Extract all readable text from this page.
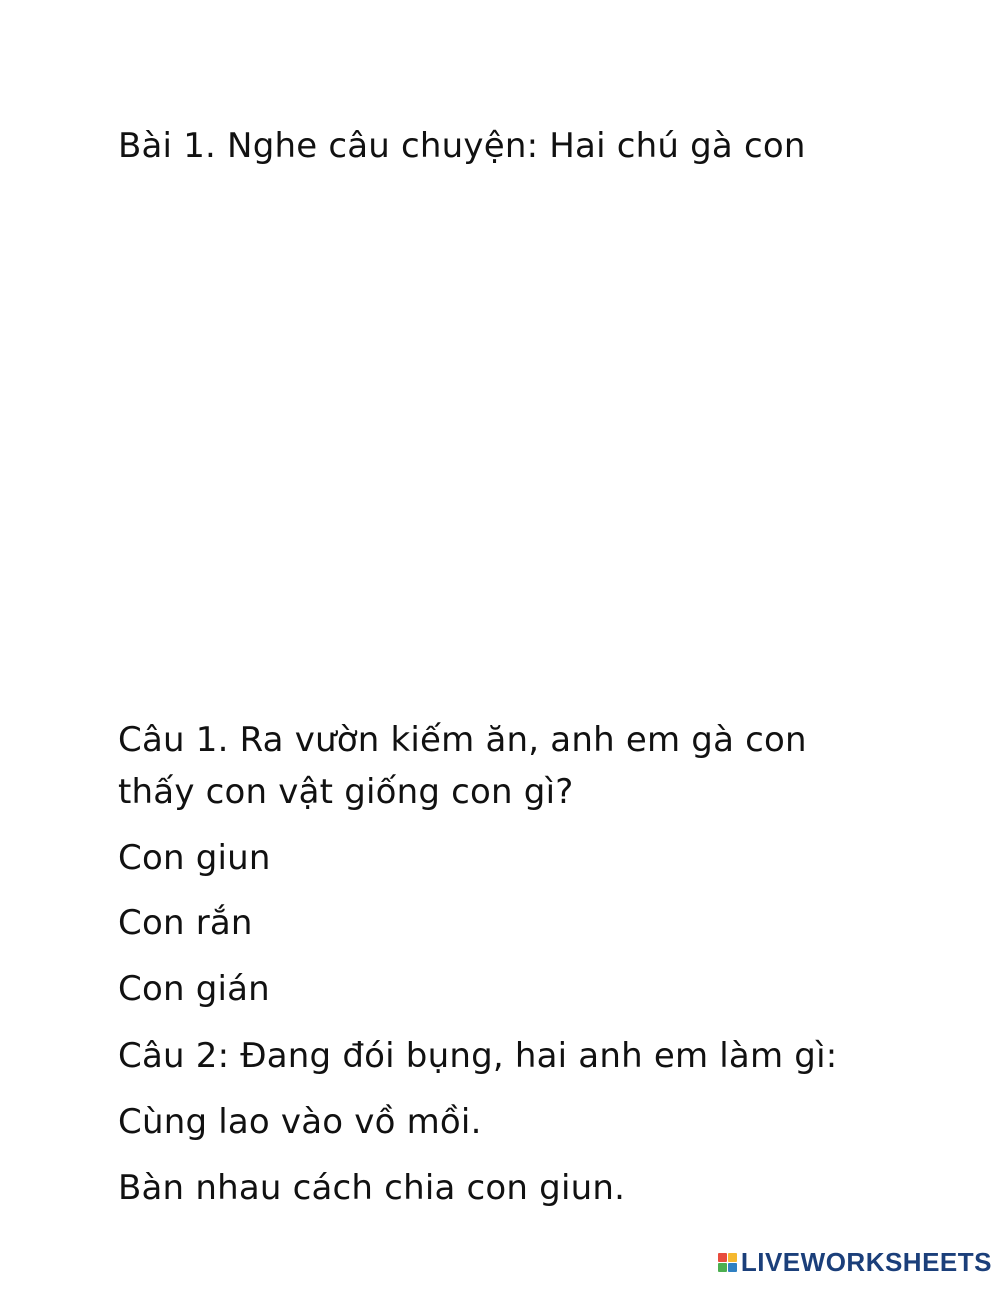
Bài 1. Nghe câu chuyện: Hai chú gà con
Câu 1. Ra vườn kiếm ăn, anh em gà con thấy con vật giống con gì?
Con giun
Con rắn
Con gián
Câu 2: Đang đói bụng, hai anh em làm gì:
Cùng lao vào vồ mồi.
Bàn nhau cách chia con giun.
LIVEWORKSHEETS
